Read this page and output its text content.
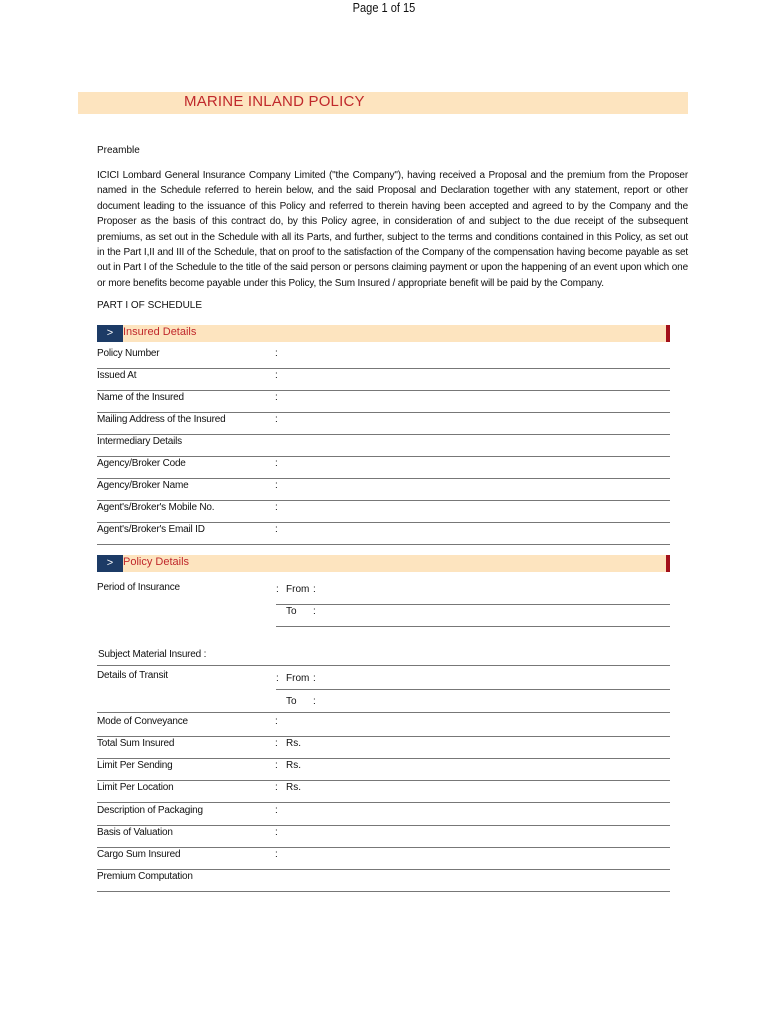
Page 1 of 15
MARINE INLAND POLICY
Preamble
ICICI Lombard General Insurance Company Limited ("the Company"), having received a Proposal and the premium from the Proposer named in the Schedule referred to herein below, and the said Proposal and Declaration together with any statement, report or other document leading to the issuance of this Policy and referred to therein having been accepted and agreed to by the Company and the Proposer as the basis of this contract do, by this Policy agree, in consideration of and subject to the due receipt of the subsequent premiums, as set out in the Schedule with all its Parts, and further, subject to the terms and conditions contained in this Policy, as set out in the Part I,II and III of the Schedule, that on proof to the satisfaction of the Company of the compensation having become payable as set out in Part I of the Schedule to the title of the said person or persons claiming payment or upon the happening of an event upon which one or more benefits become payable under this Policy, the Sum Insured / appropriate benefit will be paid by the Company.
PART I OF SCHEDULE
> Insured Details
Policy Number	:
Issued At	:
Name of the Insured	:
Mailing Address of the Insured	:
Intermediary Details
Agency/Broker Code	:
Agency/Broker Name	:
Agent's/Broker's Mobile No.	:
Agent's/Broker's Email ID	:
> Policy Details
Period of Insurance	: From :
To :
Subject Material Insured :
Details of Transit	: From :
To :
Mode of Conveyance	:
Total Sum Insured	: Rs.
Limit Per Sending	: Rs.
Limit Per Location	: Rs.
Description of Packaging	:
Basis of Valuation	:
Cargo Sum Insured	:
Premium Computation
